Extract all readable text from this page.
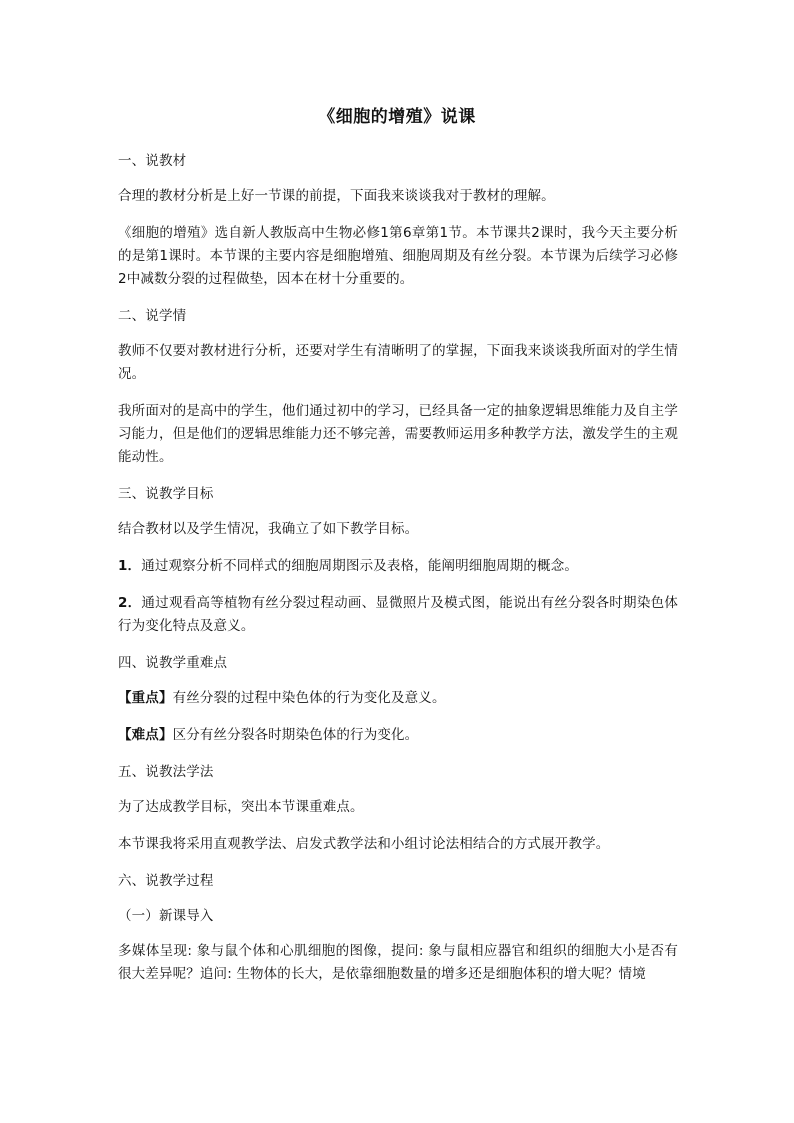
《细胞的增殖》说课

一、说教材

合理的教材分析是上好一节课的前提，下面我来谈谈我对于教材的理解。

《细胞的增殖》选自新人教版高中生物必修1第6章第1节。本节课共2课时，我今天主要分析的是第1课时。本节课的主要内容是细胞增殖、细胞周期及有丝分裂。本节课为后续学习必修2中减数分裂的过程做垫，因本在材十分重要的。

二、说学情

教师不仅要对教材进行分析，还要对学生有清晰明了的掌握，下面我来谈谈我所面对的学生情况。

我所面对的是高中的学生，他们通过初中的学习，已经具备一定的抽象逻辑思维能力及自主学习能力，但是他们的逻辑思维能力还不够完善，需要教师运用多种教学方法，激发学生的主观能动性。

三、说教学目标

结合教材以及学生情况，我确立了如下教学目标。

1．通过观察分析不同样式的细胞周期图示及表格，能阐明细胞周期的概念。

2．通过观看高等植物有丝分裂过程动画、显微照片及模式图，能说出有丝分裂各时期染色体行为变化特点及意义。

四、说教学重难点

【重点】有丝分裂的过程中染色体的行为变化及意义。

【难点】区分有丝分裂各时期染色体的行为变化。

五、说教法学法

为了达成教学目标，突出本节课重难点。

本节课我将采用直观教学法、启发式教学法和小组讨论法相结合的方式展开教学。

六、说教学过程

（一）新课导入

多媒体呈现: 象与鼠个体和心肌细胞的图像，提问: 象与鼠相应器官和组织的细胞大小是否有很大差异呢？追问: 生物体的长大，是依靠细胞数量的增多还是细胞体积的增大呢？情境
